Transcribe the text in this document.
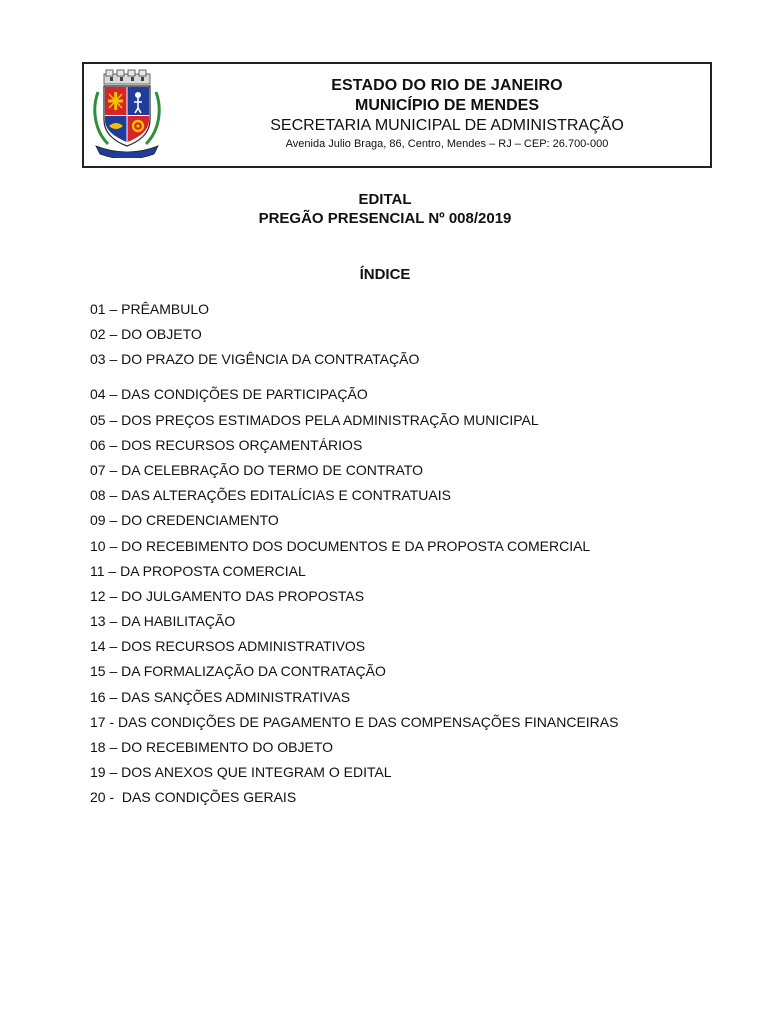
ESTADO DO RIO DE JANEIRO
MUNICÍPIO DE MENDES
SECRETARIA MUNICIPAL DE ADMINISTRAÇÃO
Avenida Julio Braga, 86, Centro, Mendes – RJ – CEP: 26.700-000
EDITAL
PREGÃO PRESENCIAL Nº 008/2019
ÍNDICE
01 – PRÊAMBULO
02 – DO OBJETO
03 – DO PRAZO DE VIGÊNCIA DA CONTRATAÇÃO
04 – DAS CONDIÇÕES DE PARTICIPAÇÃO
05 – DOS PREÇOS ESTIMADOS PELA ADMINISTRAÇÃO MUNICIPAL
06 – DOS RECURSOS ORÇAMENTÁRIOS
07 – DA CELEBRAÇÃO DO TERMO DE CONTRATO
08 – DAS ALTERAÇÕES EDITALÍCIAS E CONTRATUAIS
09 – DO CREDENCIAMENTO
10 – DO RECEBIMENTO DOS DOCUMENTOS E DA PROPOSTA COMERCIAL
11 – DA PROPOSTA COMERCIAL
12 – DO JULGAMENTO DAS PROPOSTAS
13 – DA HABILITAÇÃO
14 – DOS RECURSOS ADMINISTRATIVOS
15 – DA FORMALIZAÇÃO DA CONTRATAÇÃO
16 – DAS SANÇÕES ADMINISTRATIVAS
17 - DAS CONDIÇÕES DE PAGAMENTO E DAS COMPENSAÇÕES FINANCEIRAS
18 – DO RECEBIMENTO DO OBJETO
19 – DOS ANEXOS QUE INTEGRAM O EDITAL
20 -  DAS CONDIÇÕES GERAIS
